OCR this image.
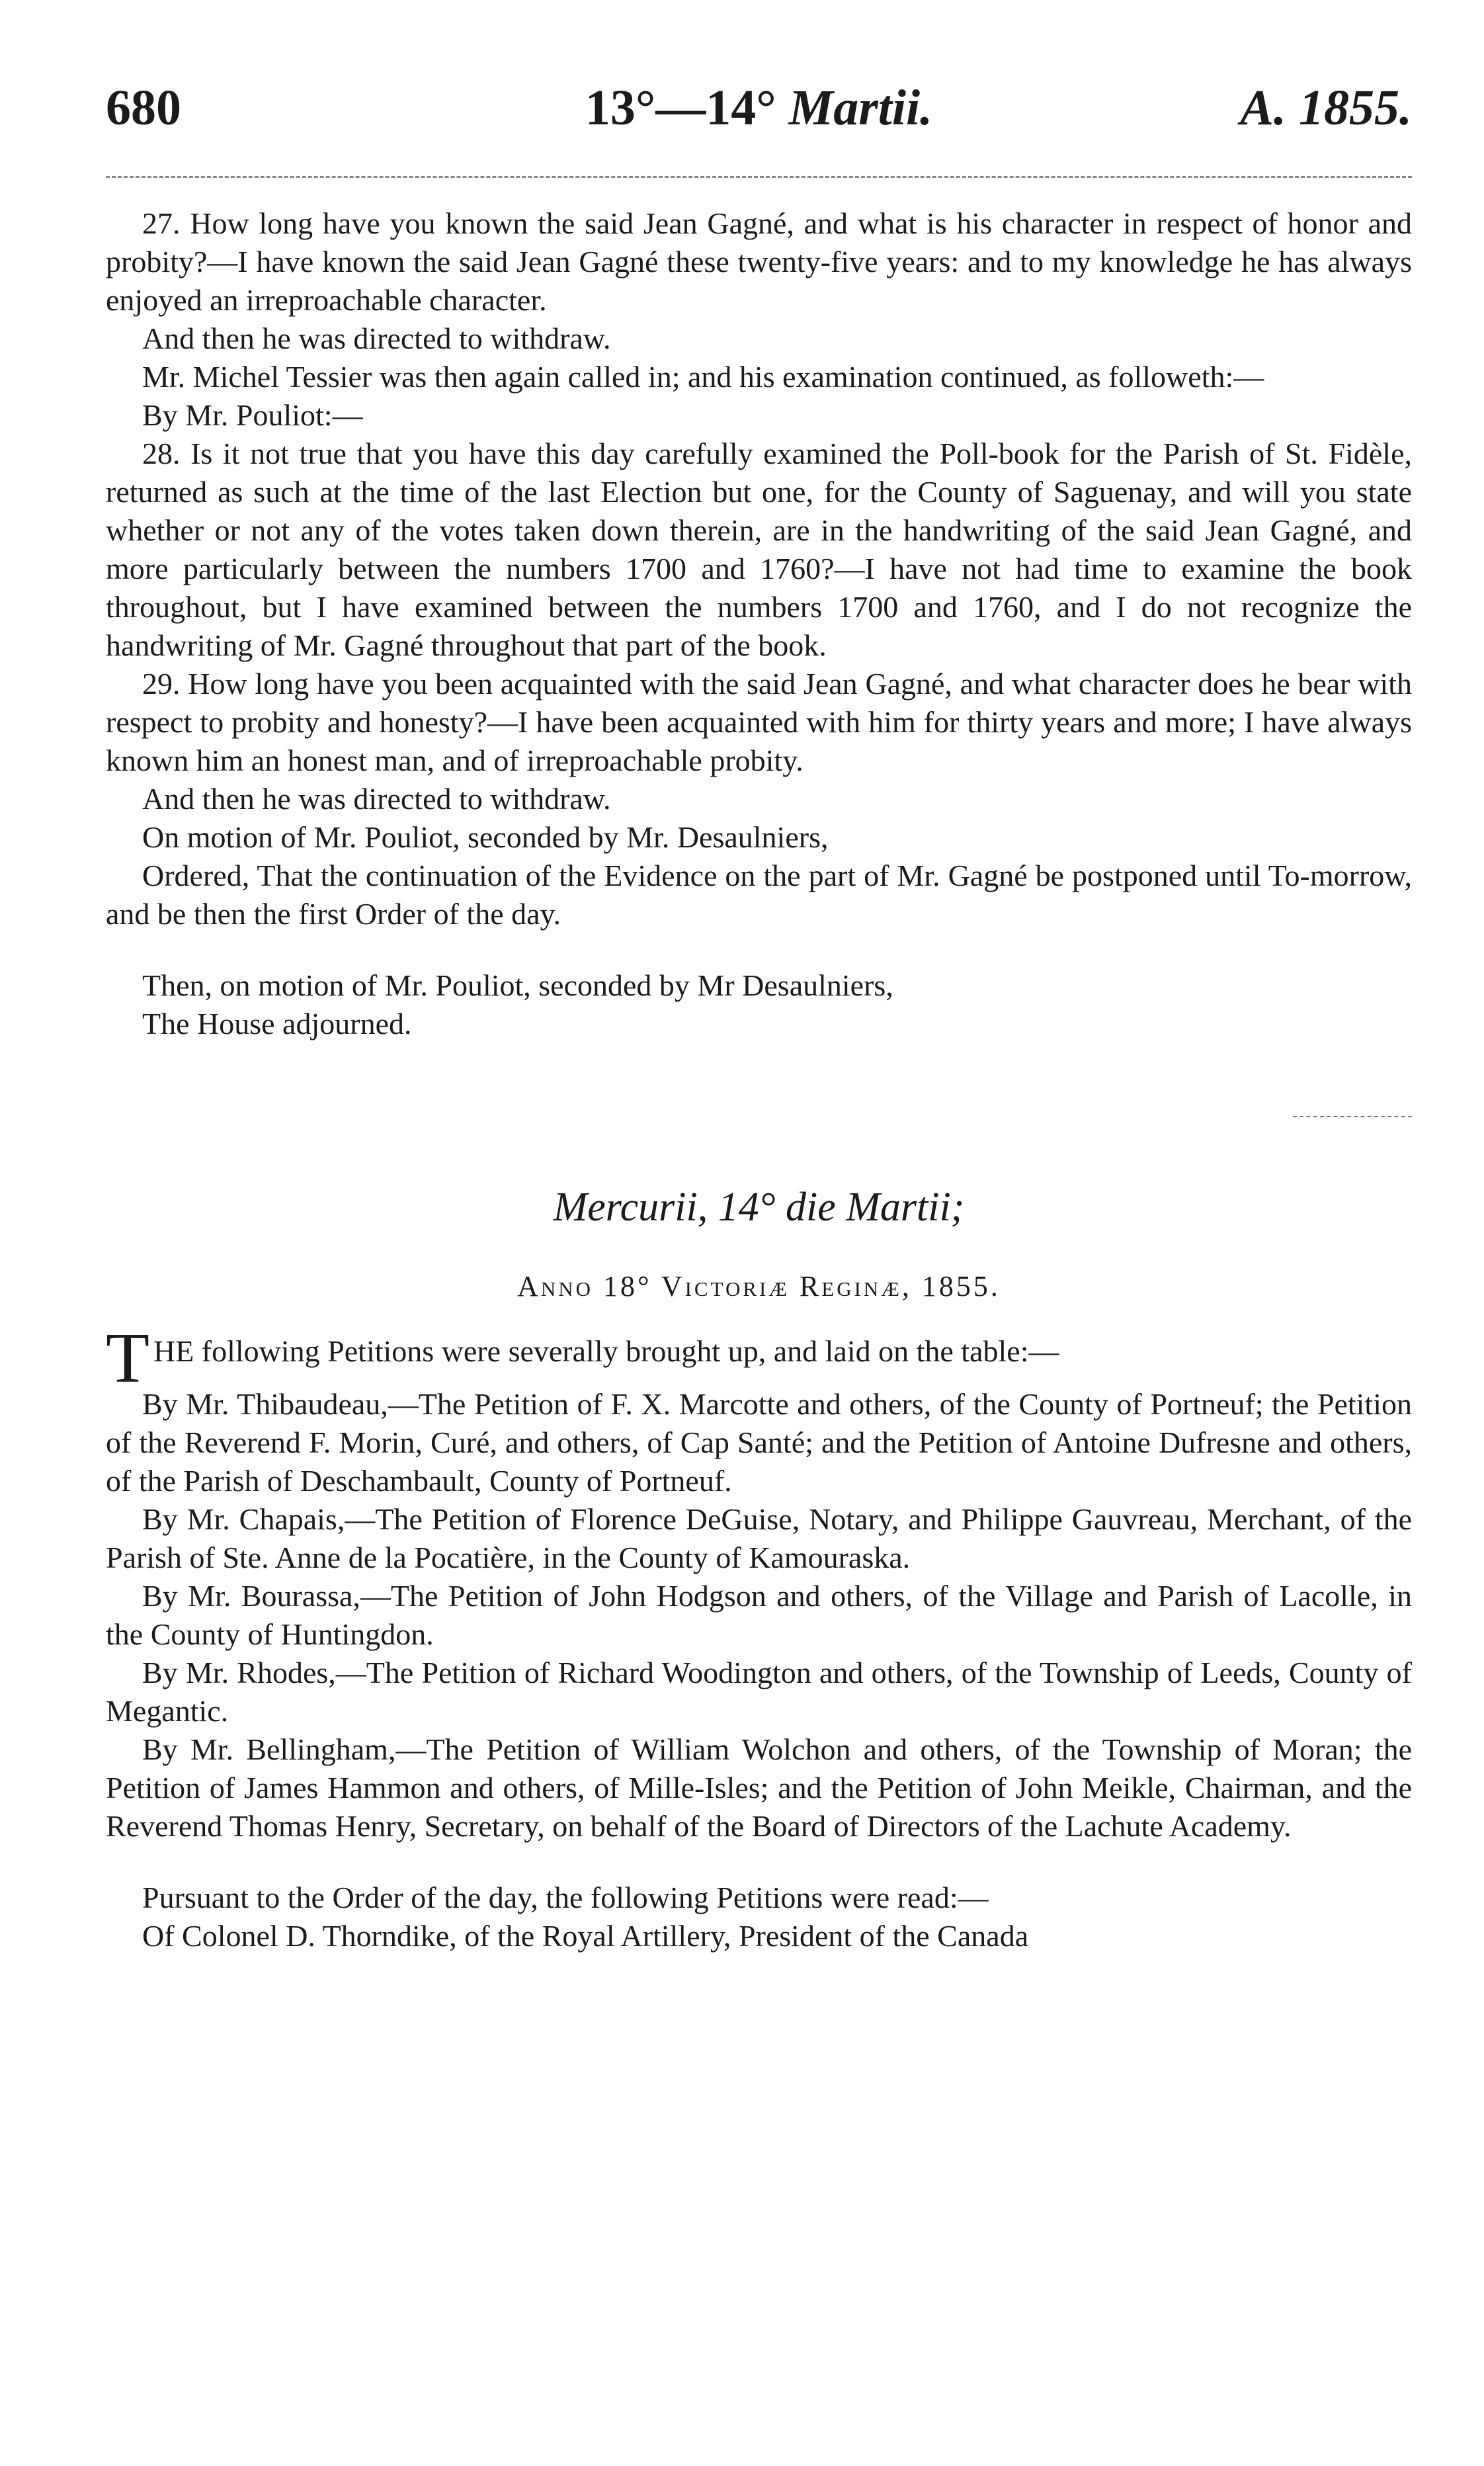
680	13°—14° Martii.	A. 1855.

27. How long have you known the said Jean Gagné, and what is his character in respect of honor and probity?—I have known the said Jean Gagné these twenty-five years: and to my knowledge he has always enjoyed an irreproachable character.

And then he was directed to withdraw.

Mr. Michel Tessier was then again called in; and his examination continued, as followeth:—

By Mr. Pouliot:—

28. Is it not true that you have this day carefully examined the Poll-book for the Parish of St. Fidèle, returned as such at the time of the last Election but one, for the County of Saguenay, and will you state whether or not any of the votes taken down therein, are in the handwriting of the said Jean Gagné, and more particularly between the numbers 1700 and 1760?—I have not had time to examine the book throughout, but I have examined between the numbers 1700 and 1760, and I do not recognize the handwriting of Mr. Gagné throughout that part of the book.

29. How long have you been acquainted with the said Jean Gagné, and what character does he bear with respect to probity and honesty?—I have been acquainted with him for thirty years and more; I have always known him an honest man, and of irreproachable probity.

And then he was directed to withdraw.

On motion of Mr. Pouliot, seconded by Mr. Desaulniers,

Ordered, That the continuation of the Evidence on the part of Mr. Gagné be postponed until To-morrow, and be then the first Order of the day.

Then, on motion of Mr. Pouliot, seconded by Mr Desaulniers,

The House adjourned.

Mercurii, 14° die Martii;

Anno 18° Victoriæ Reginæ, 1855.

T HE following Petitions were severally brought up, and laid on the table:—

By Mr. Thibaudeau,—The Petition of F. X. Marcotte and others, of the County of Portneuf; the Petition of the Reverend F. Morin, Curé, and others, of Cap Santé; and the Petition of Antoine Dufresne and others, of the Parish of Deschambault, County of Portneuf.

By Mr. Chapais,—The Petition of Florence DeGuise, Notary, and Philippe Gauvreau, Merchant, of the Parish of Ste. Anne de la Pocatière, in the County of Kamouraska.

By Mr. Bourassa,—The Petition of John Hodgson and others, of the Village and Parish of Lacolle, in the County of Huntingdon.

By Mr. Rhodes,—The Petition of Richard Woodington and others, of the Township of Leeds, County of Megantic.

By Mr. Bellingham,—The Petition of William Wolchon and others, of the Township of Moran; the Petition of James Hammon and others, of Mille-Isles; and the Petition of John Meikle, Chairman, and the Reverend Thomas Henry, Secretary, on behalf of the Board of Directors of the Lachute Academy.

Pursuant to the Order of the day, the following Petitions were read:—

Of Colonel D. Thorndike, of the Royal Artillery, President of the Canada
